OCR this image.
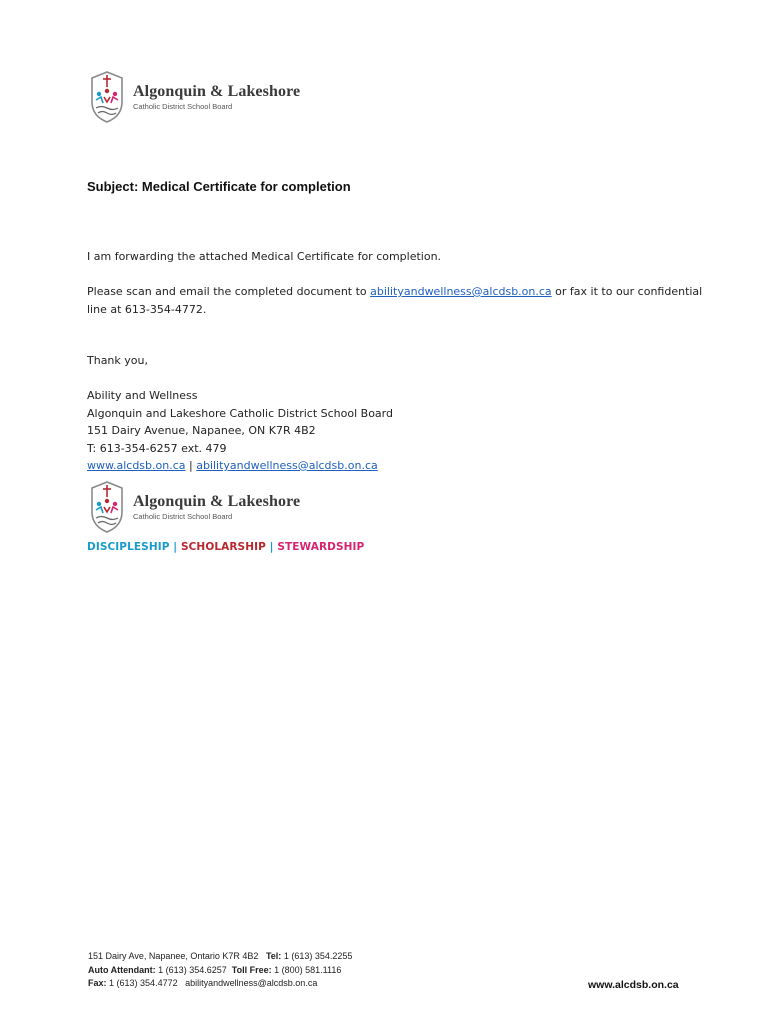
Algonquin & Lakeshore
Catholic District School Board
Subject: Medical Certificate for completion
I am forwarding the attached Medical Certificate for completion.
Please scan and email the completed document to abilityandwellness@alcdsb.on.ca or fax it to our confidential
line at 613-354-4772.
Thank you,
Ability and Wellness
Algonquin and Lakeshore Catholic District School Board
151 Dairy Avenue, Napanee, ON K7R 4B2
T: 613-354-6257 ext. 479
www.alcdsb.on.ca | abilityandwellness@alcdsb.on.ca
Algonquin & Lakeshore
Catholic District School Board
DISCIPLESHIP | SCHOLARSHIP | STEWARDSHIP
151 Dairy Ave, Napanee, Ontario K7R 4B2 Tel: 1 (613) 354.2255
Auto Attendant: 1 (613) 354.6257 Toll Free: 1 (800) 581.1116
Fax: 1 (613) 354.4772 abilityandwellness@alcdsb.on.ca	www.alcdsb.on.ca
